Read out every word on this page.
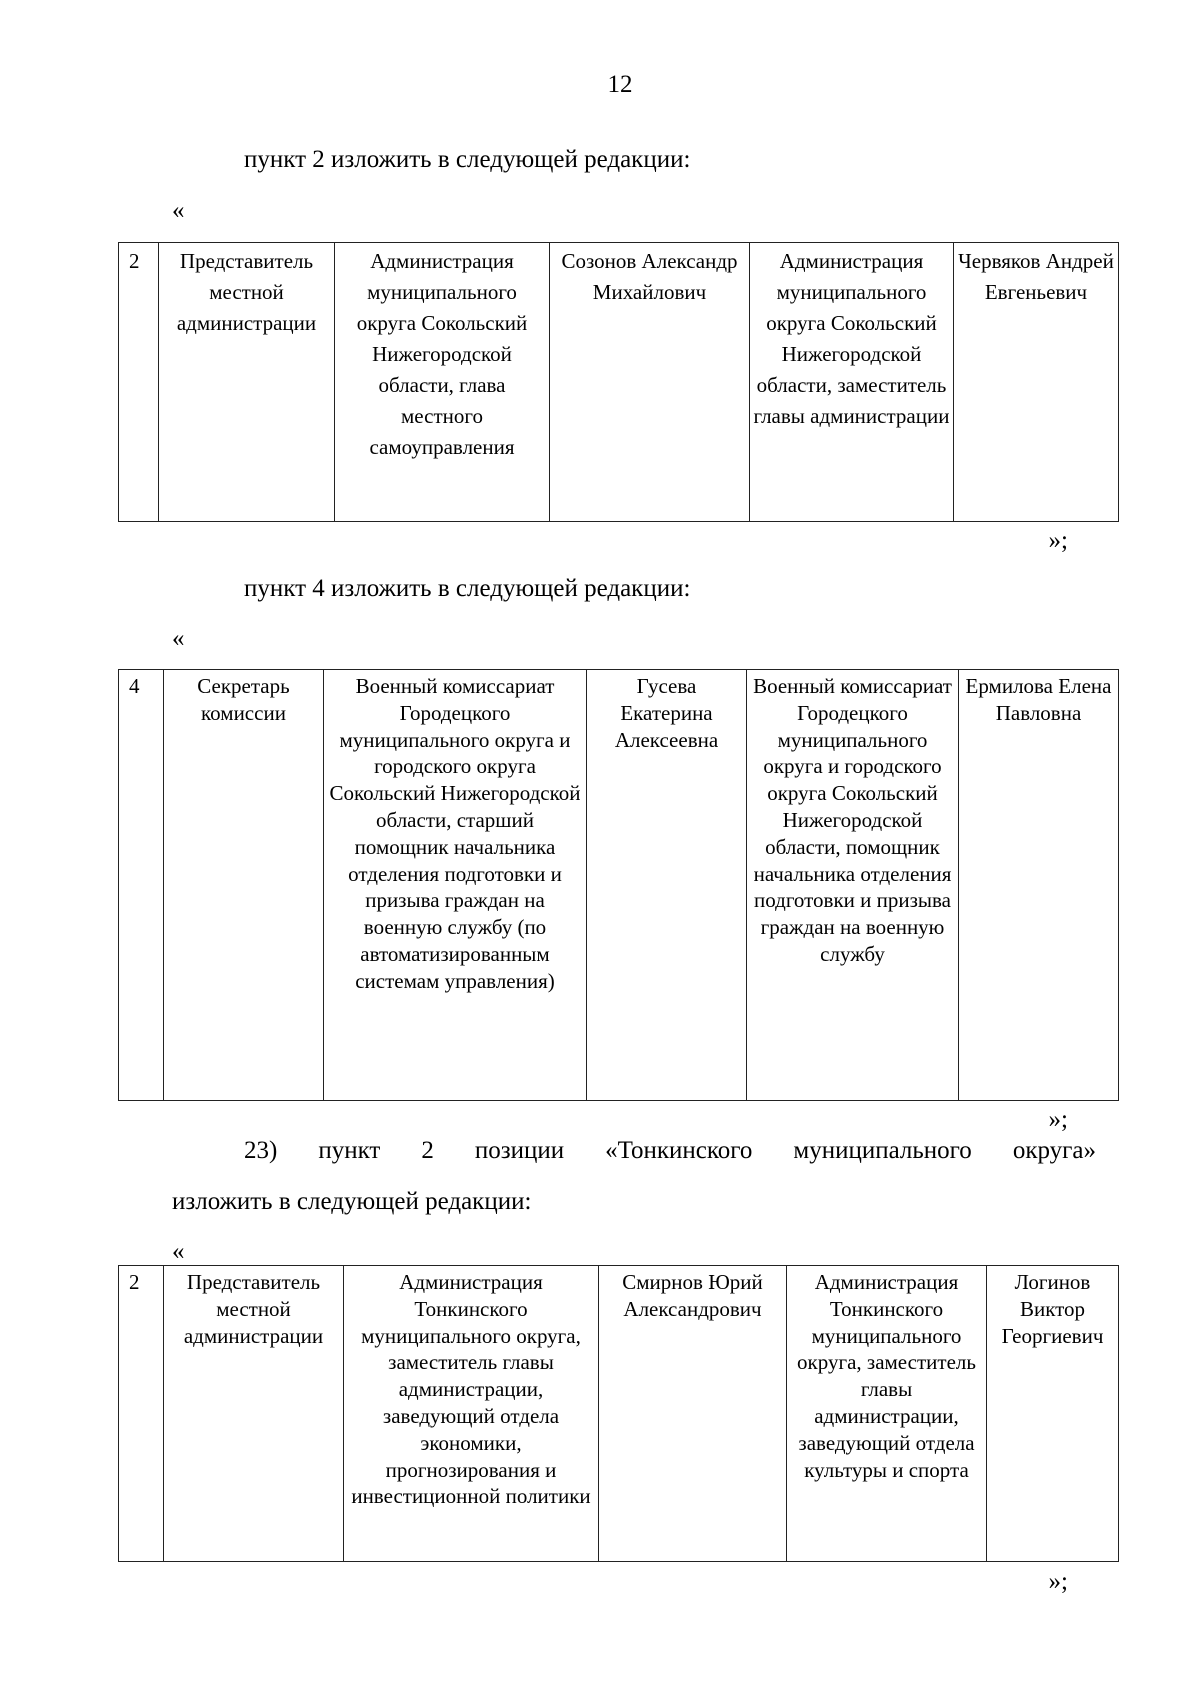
12
пункт 2 изложить в следующей редакции:
«
2	Представитель местной администрации	Администрация муниципального округа Сокольский Нижегородской области, глава местного самоуправления	Созонов Александр Михайлович	Администрация муниципального округа Сокольский Нижегородской области, заместитель главы администрации	Червяков Андрей Евгеньевич
»;
пункт 4 изложить в следующей редакции:
«
4	Секретарь комиссии	Военный комиссариат Городецкого муниципального округа и городского округа Сокольский Нижегородской области, старший помощник начальника отделения подготовки и призыва граждан на военную службу (по автоматизированным системам управления)	Гусева Екатерина Алексеевна	Военный комиссариат Городецкого муниципального округа и городского округа Сокольский Нижегородской области, помощник начальника отделения подготовки и призыва граждан на военную службу	Ермилова Елена Павловна
»;
23) пункт 2 позиции «Тонкинского муниципального округа»
изложить в следующей редакции:
«
2	Представитель местной администрации	Администрация Тонкинского муниципального округа, заместитель главы администрации, заведующий отдела экономики, прогнозирования и инвестиционной политики	Смирнов Юрий Александрович	Администрация Тонкинского муниципального округа, заместитель главы администрации, заведующий отдела культуры и спорта	Логинов Виктор Георгиевич
»;
